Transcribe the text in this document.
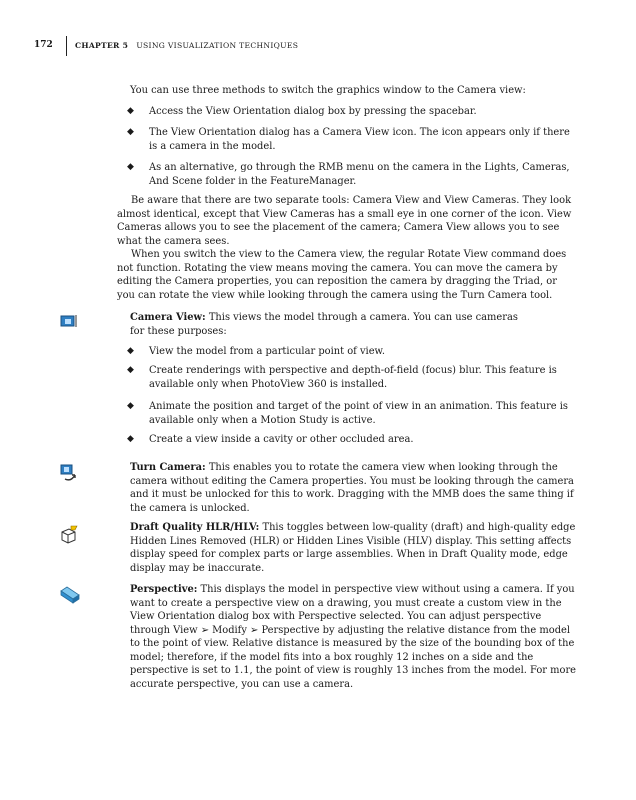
172	CHAPTER 5 USING VISUALIZATION TECHNIQUES

You can use three methods to switch the graphics window to the Camera view:

◆ Access the View Orientation dialog box by pressing the spacebar.
◆ The View Orientation dialog has a Camera View icon. The icon appears only if there is a camera in the model.
◆ As an alternative, go through the RMB menu on the camera in the Lights, Cameras, And Scene folder in the FeatureManager.

Be aware that there are two separate tools: Camera View and View Cameras. They look almost identical, except that View Cameras has a small eye in one corner of the icon. View Cameras allows you to see the placement of the camera; Camera View allows you to see what the camera sees.

When you switch the view to the Camera view, the regular Rotate View command does not function. Rotating the view means moving the camera. You can move the camera by editing the Camera properties, you can reposition the camera by dragging the Triad, or you can rotate the view while looking through the camera using the Turn Camera tool.

Camera View: This views the model through a camera. You can use cameras for these purposes:

◆ View the model from a particular point of view.
◆ Create renderings with perspective and depth-of-field (focus) blur. This feature is available only when PhotoView 360 is installed.
◆ Animate the position and target of the point of view in an animation. This feature is available only when a Motion Study is active.
◆ Create a view inside a cavity or other occluded area.

Turn Camera: This enables you to rotate the camera view when looking through the camera without editing the Camera properties. You must be looking through the camera and it must be unlocked for this to work. Dragging with the MMB does the same thing if the camera is unlocked.

Draft Quality HLR/HLV: This toggles between low-quality (draft) and high-quality edge Hidden Lines Removed (HLR) or Hidden Lines Visible (HLV) display. This setting affects display speed for complex parts or large assemblies. When in Draft Quality mode, edge display may be inaccurate.

Perspective: This displays the model in perspective view without using a camera. If you want to create a perspective view on a drawing, you must create a custom view in the View Orientation dialog box with Perspective selected. You can adjust perspective through View ➢ Modify ➢ Perspective by adjusting the relative distance from the model to the point of view. Relative distance is measured by the size of the bounding box of the model; therefore, if the model fits into a box roughly 12 inches on a side and the perspective is set to 1.1, the point of view is roughly 13 inches from the model. For more accurate perspective, you can use a camera.
